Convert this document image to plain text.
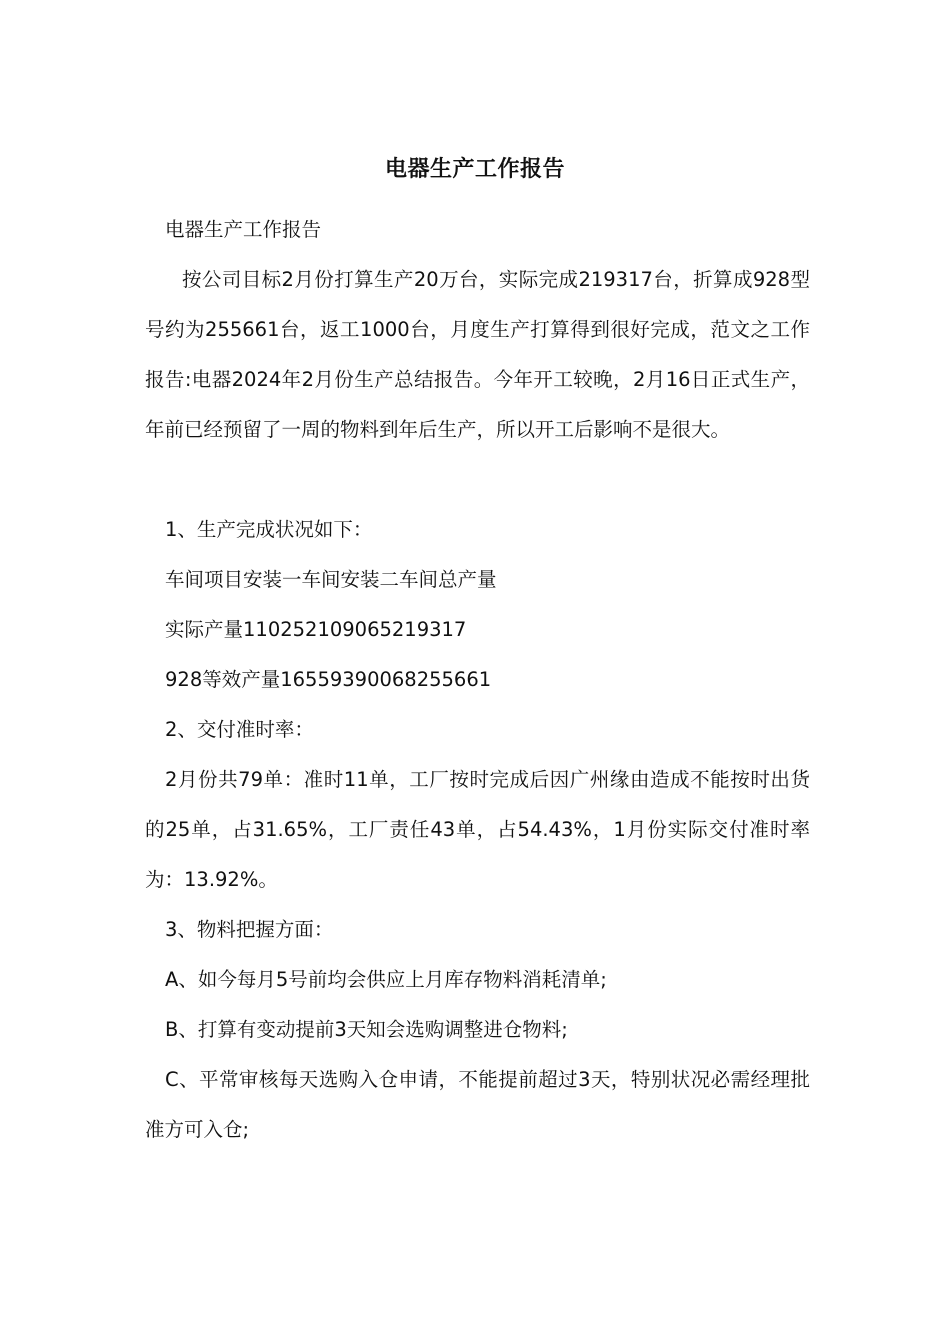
电器生产工作报告

电器生产工作报告

按公司目标2月份打算生产20万台，实际完成219317台，折算成928型号约为255661台，返工1000台，月度生产打算得到很好完成，范文之工作报告:电器2024年2月份生产总结报告。今年开工较晚，2月16日正式生产，年前已经预留了一周的物料到年后生产，所以开工后影响不是很大。

1、生产完成状况如下：

车间项目安装一车间安装二车间总产量

实际产量110252109065219317

928等效产量165593900682556​61

2、交付准时率：

2月份共79单：准时11单，工厂按时完成后因广州缘由造成不能按时出货的25单，占31.65%，工厂责任43单，占54.43%，1月份实际交付准时率为：13.92%。

3、物料把握方面：

A、如今每月5号前均会供应上月库存物料消耗清单;

B、打算有变动提前3天知会选购调整进仓物料;

C、平常审核每天选购入仓申请，不能提前超过3天，特别状况必需经理批准方可入仓;
